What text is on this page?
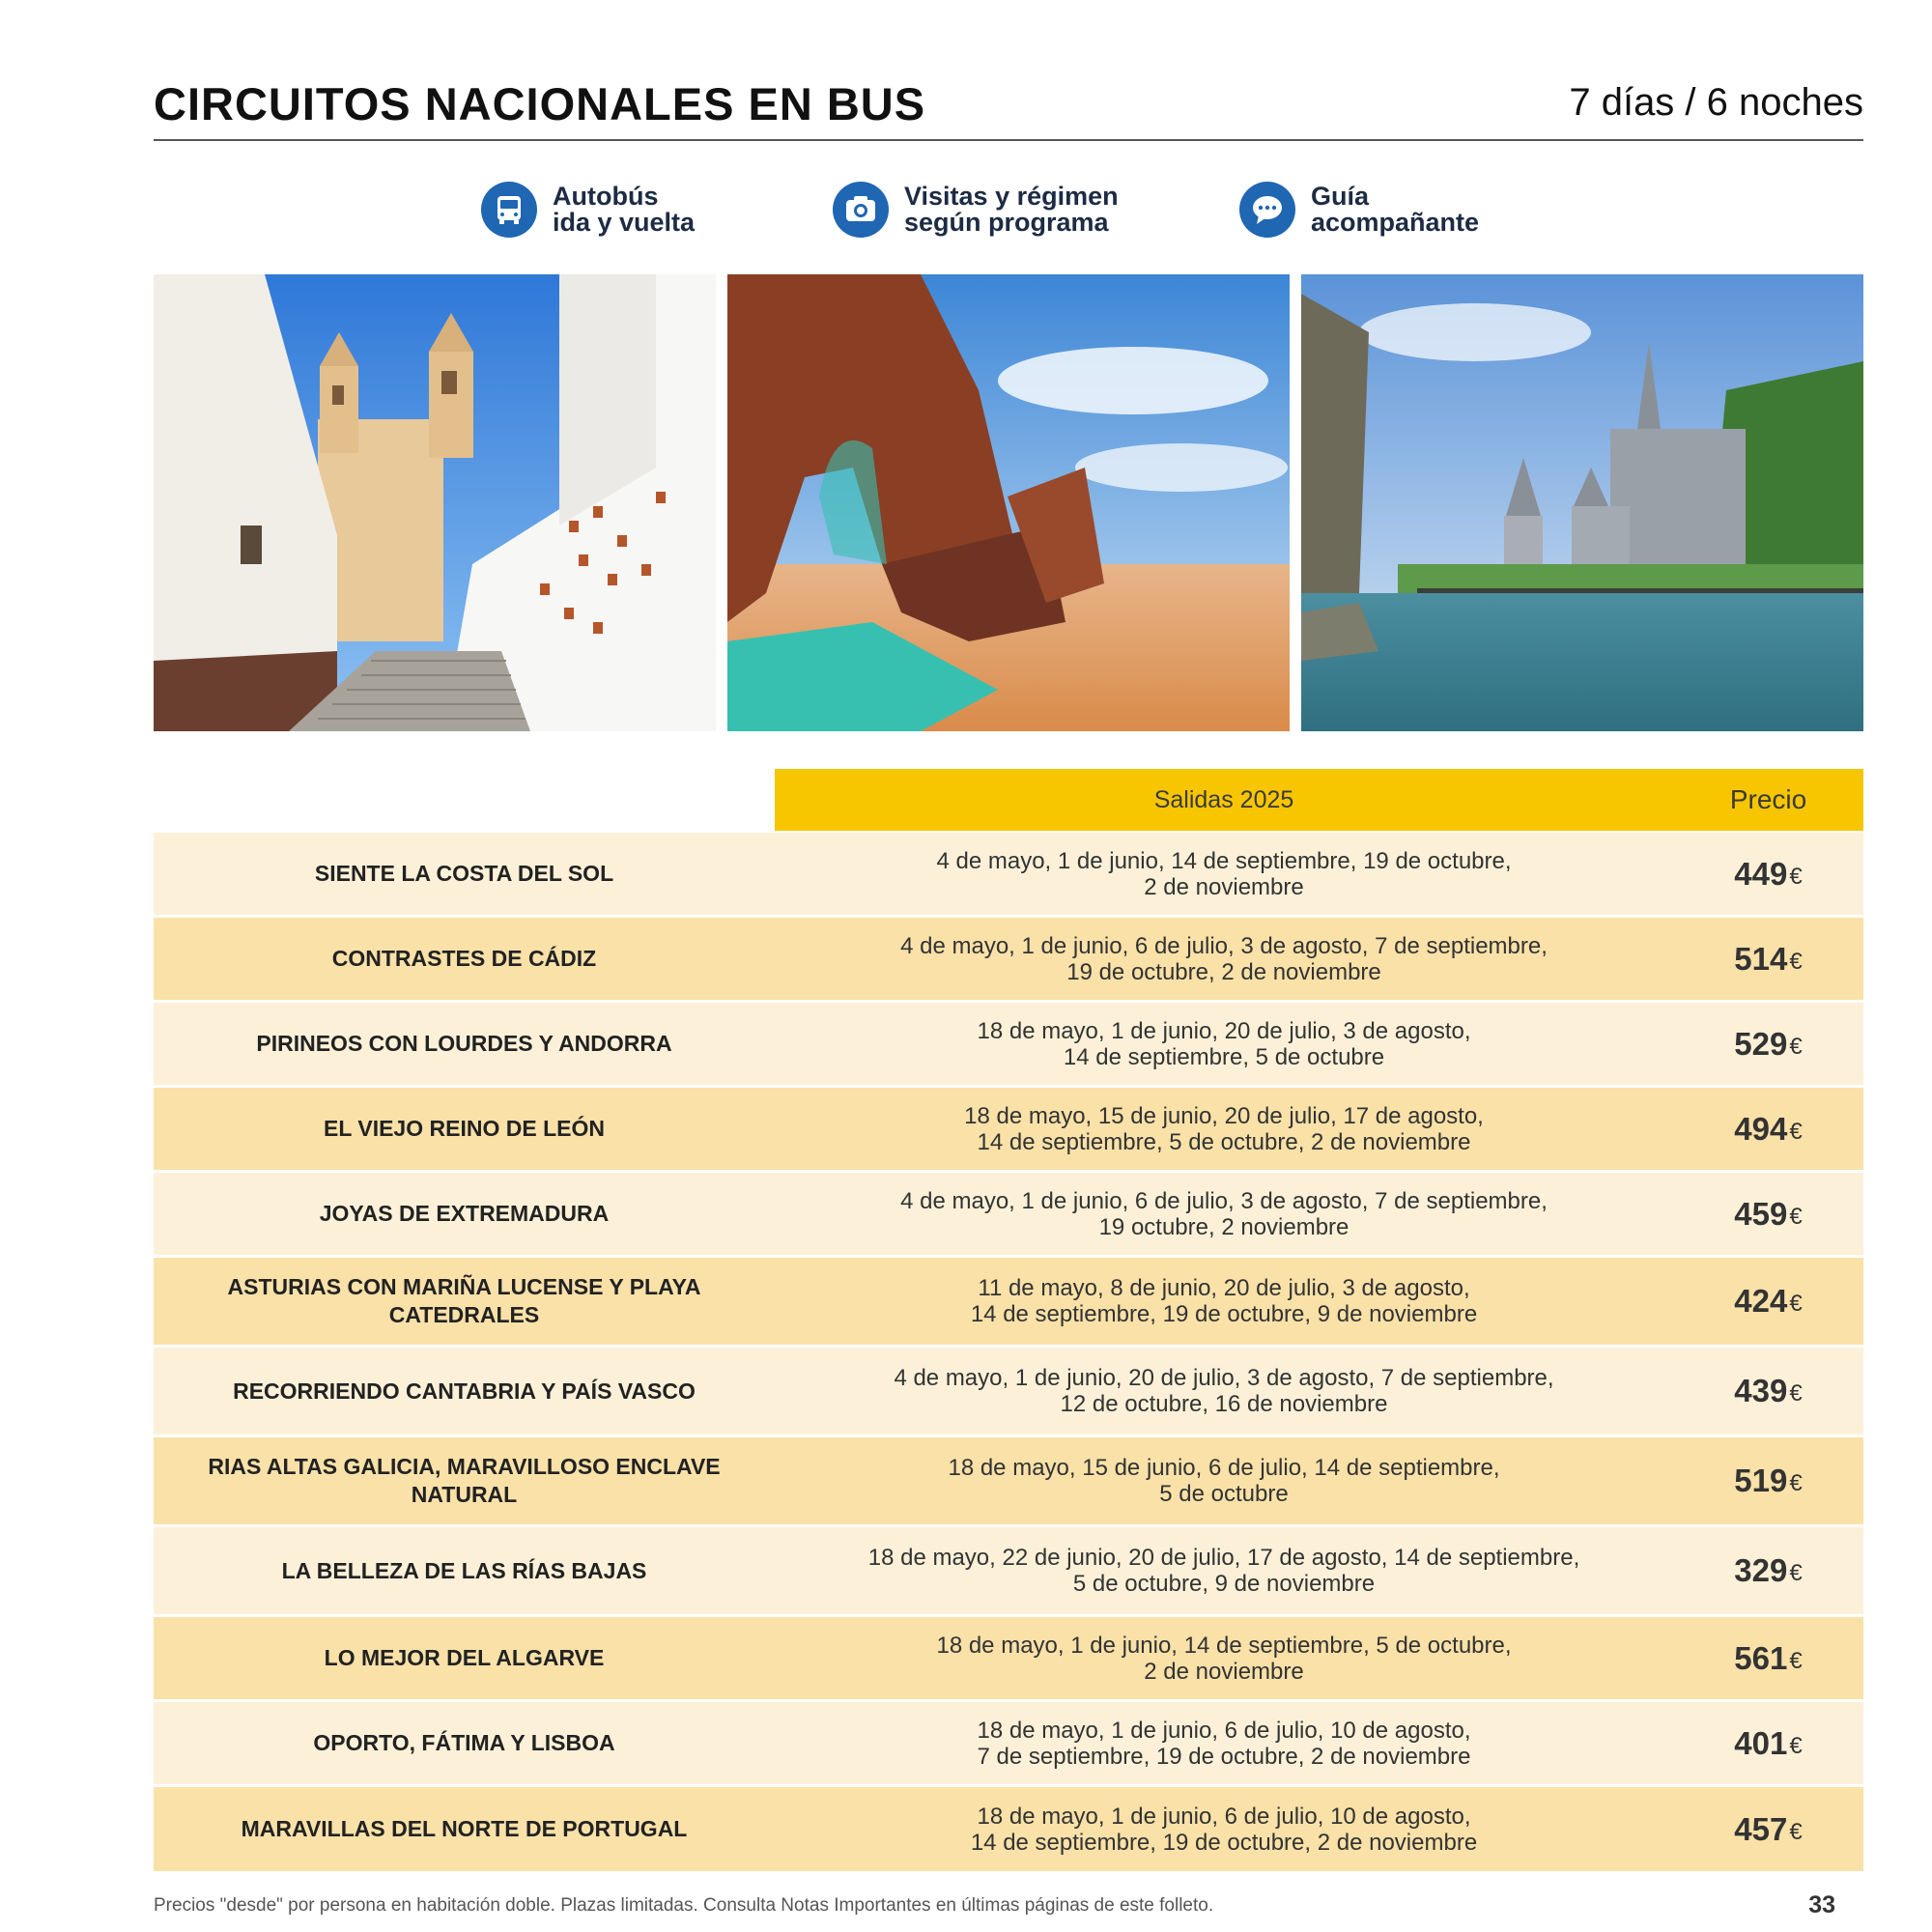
CIRCUITOS NACIONALES EN BUS	7 días / 6 noches
Autobús
ida y vuelta
Visitas y régimen
según programa
Guía
acompañante
Salidas 2025	Precio
SIENTE LA COSTA DEL SOL	4 de mayo, 1 de junio, 14 de septiembre, 19 de octubre,
2 de noviembre	449 €
CONTRASTES DE CÁDIZ	4 de mayo, 1 de junio, 6 de julio, 3 de agosto, 7 de septiembre,
19 de octubre, 2 de noviembre	514 €
PIRINEOS CON LOURDES Y ANDORRA	18 de mayo, 1 de junio, 20 de julio, 3 de agosto,
14 de septiembre, 5 de octubre	529 €
EL VIEJO REINO DE LEÓN	18 de mayo, 15 de junio, 20 de julio, 17 de agosto,
14 de septiembre, 5 de octubre, 2 de noviembre	494 €
JOYAS DE EXTREMADURA	4 de mayo, 1 de junio, 6 de julio, 3 de agosto, 7 de septiembre,
19 octubre, 2 noviembre	459 €
ASTURIAS CON MARIÑA LUCENSE Y PLAYA CATEDRALES
11 de mayo, 8 de junio, 20 de julio, 3 de agosto,
14 de septiembre, 19 de octubre, 9 de noviembre	424 €
RECORRIENDO CANTABRIA Y PAÍS VASCO	4 de mayo, 1 de junio, 20 de julio, 3 de agosto, 7 de septiembre,
12 de octubre, 16 de noviembre	439 €
RIAS ALTAS GALICIA, MARAVILLOSO ENCLAVE NATURAL
18 de mayo, 15 de junio, 6 de julio, 14 de septiembre,
5 de octubre	519 €
LA BELLEZA DE LAS RÍAS BAJAS	18 de mayo, 22 de junio, 20 de julio, 17 de agosto, 14 de septiembre,
5 de octubre, 9 de noviembre	329 €
LO MEJOR DEL ALGARVE	18 de mayo, 1 de junio, 14 de septiembre, 5 de octubre,
2 de noviembre	561 €
OPORTO, FÁTIMA Y LISBOA	18 de mayo, 1 de junio, 6 de julio, 10 de agosto,
7 de septiembre, 19 de octubre, 2 de noviembre	401 €
MARAVILLAS DEL NORTE DE PORTUGAL	18 de mayo, 1 de junio, 6 de julio, 10 de agosto,
14 de septiembre, 19 de octubre, 2 de noviembre	457 €
Precios "desde" por persona en habitación doble. Plazas limitadas. Consulta Notas Importantes en últimas páginas de este folleto.	33
